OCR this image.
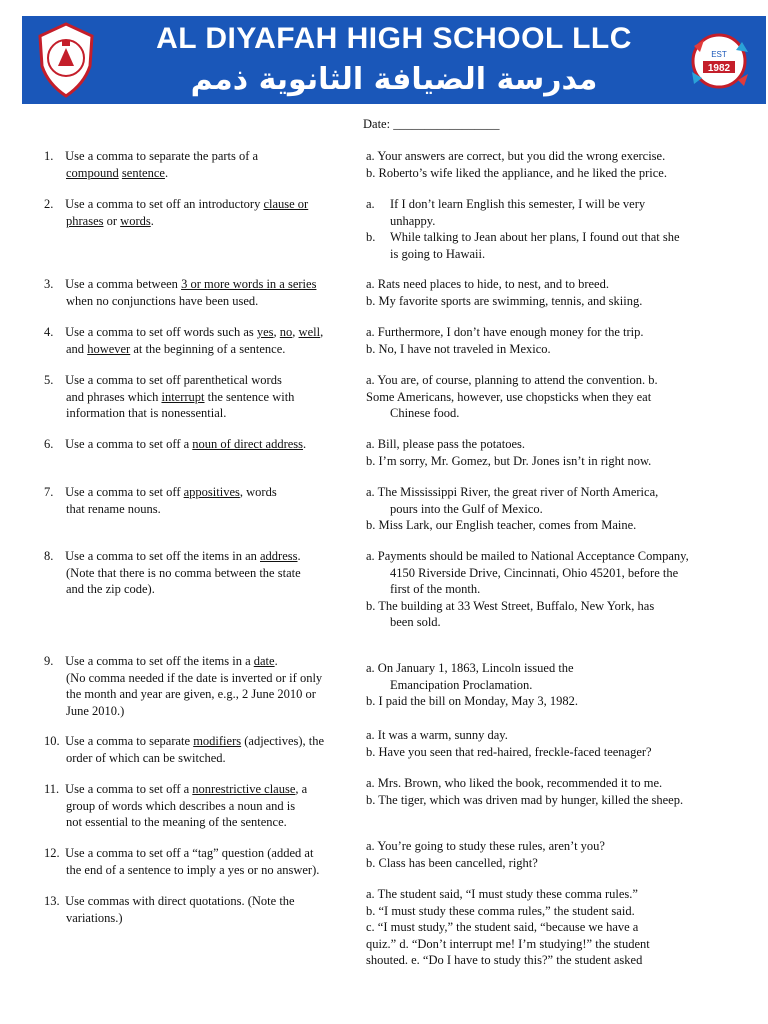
AL DIYAFAH HIGH SCHOOL LLC
مدرسة الضيافة الثانوية ذمم
EST
1982
Date: _________________
1. Use a comma to separate the parts of a
compound sentence.
a. Your answers are correct, but you did the wrong exercise.
b. Roberto’s wife liked the appliance, and he liked the price.
2. Use a comma to set off an introductory clause or
phrases or words.
a.	If I don’t learn English this semester, I will be very
unhappy.
b.	While talking to Jean about her plans, I found out that she
is going to Hawaii.
3. Use a comma between 3 or more words in a series
when no conjunctions have been used.
a. Rats need places to hide, to nest, and to breed.
b. My favorite sports are swimming, tennis, and skiing.
4. Use a comma to set off words such as yes, no, well,
and however at the beginning of a sentence.
a. Furthermore, I don’t have enough money for the trip.
b. No, I have not traveled in Mexico.
5. Use a comma to set off parenthetical words
and phrases which interrupt the sentence with
information that is nonessential.
a. You are, of course, planning to attend the convention. b.
Some Americans, however, use chopsticks when they eat
Chinese food.
6. Use a comma to set off a noun of direct address.	a. Bill, please pass the potatoes.
b. I’m sorry, Mr. Gomez, but Dr. Jones isn’t in right now.
7. Use a comma to set off appositives, words
that rename nouns.
a. The Mississippi River, the great river of North America,
pours into the Gulf of Mexico.
b. Miss Lark, our English teacher, comes from Maine.
8. Use a comma to set off the items in an address.
(Note that there is no comma between the state
and the zip code).
a. Payments should be mailed to National Acceptance Company,
4150 Riverside Drive, Cincinnati, Ohio 45201, before the
first of the month.
b. The building at 33 West Street, Buffalo, New York, has
been sold.
9. Use a comma to set off the items in a date.
(No comma needed if the date is inverted or if only
the month and year are given, e.g., 2 June 2010 or
June 2010.)
a. On January 1, 1863, Lincoln issued the
Emancipation Proclamation.
b. I paid the bill on Monday, May 3, 1982.
10. Use a comma to separate modifiers (adjectives), the
order of which can be switched.
a. It was a warm, sunny day.
b. Have you seen that red-haired, freckle-faced teenager?
11. Use a comma to set off a nonrestrictive clause, a
group of words which describes a noun and is
not essential to the meaning of the sentence.
a. Mrs. Brown, who liked the book, recommended it to me.
b. The tiger, which was driven mad by hunger, killed the sheep.
12. Use a comma to set off a “tag” question (added at
the end of a sentence to imply a yes or no answer).
a. You’re going to study these rules, aren’t you?
b. Class has been cancelled, right?
13. Use commas with direct quotations. (Note the
variations.)
a. The student said, “I must study these comma rules.”
b. “I must study these comma rules,” the student said.
c. “I must study,” the student said, “because we have a
quiz.” d. “Don’t interrupt me! I’m studying!” the student
shouted. e. “Do I have to study this?” the student asked
